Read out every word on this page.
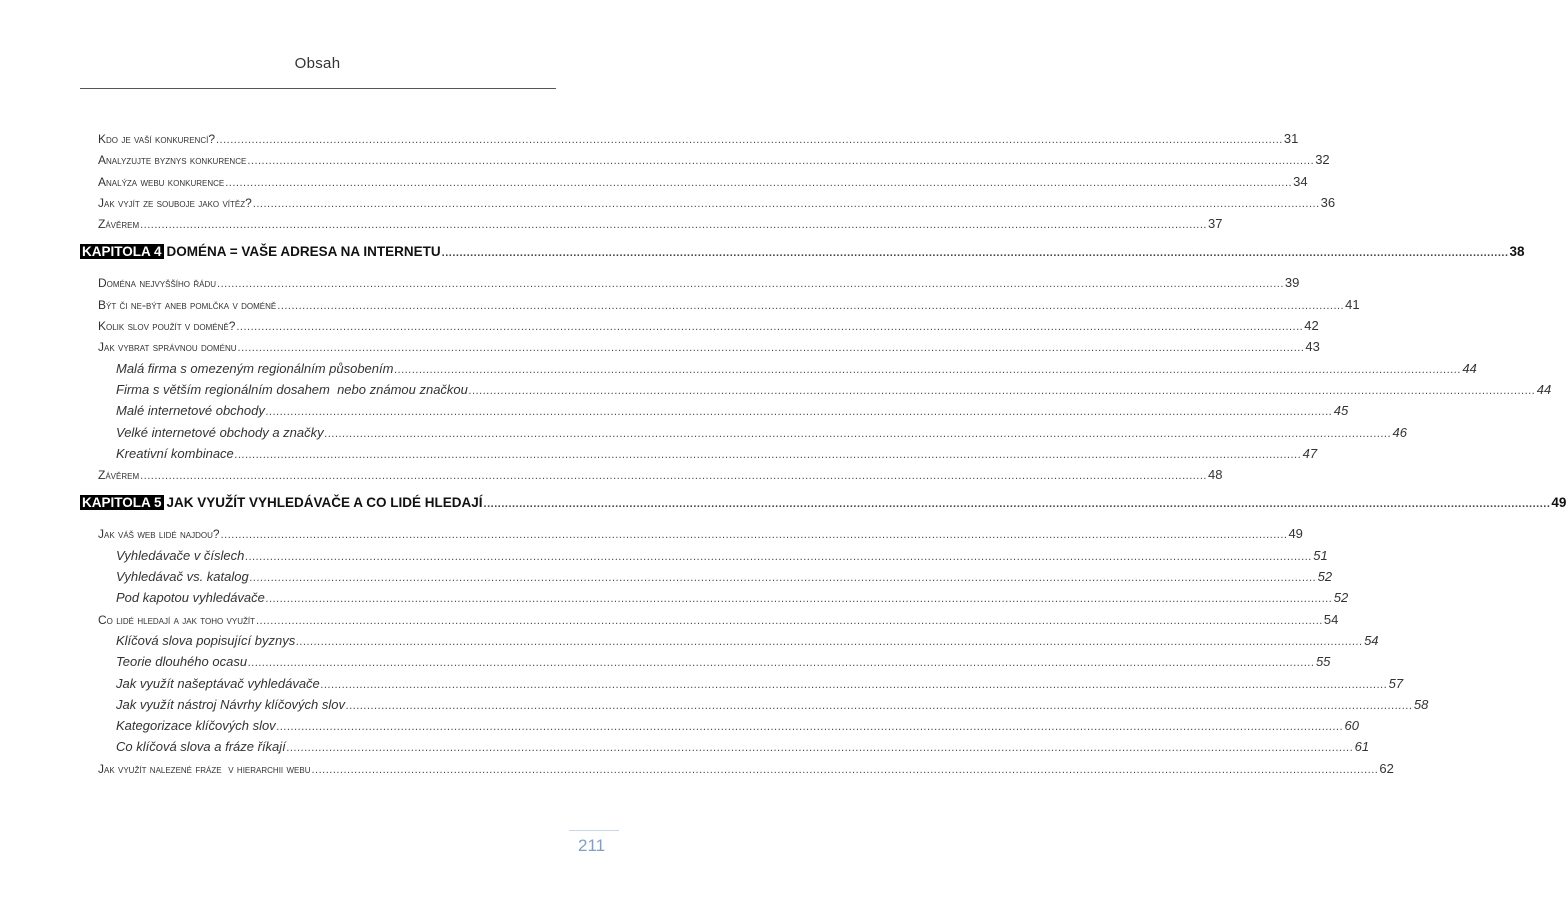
Obsah
Kdo je vaší konkurencí? ............................................................................................................................................................................................................................................................................................................ 31
Analyzujte byznys konkurence ............................................................................................................................................................................................................................................................................................................ 32
Analýza webu konkurence ............................................................................................................................................................................................................................................................................................................ 34
Jak vyjít ze souboje jako vítěz? ............................................................................................................................................................................................................................................................................................................ 36
Závěrem ............................................................................................................................................................................................................................................................................................................ 37
KAPITOLA 4 DOMÉNA = VAŠE ADRESA NA INTERNETU ............................................................................................................................................................................................................................................................................................................ 38
Doména nejvyššího řádu ............................................................................................................................................................................................................................................................................................................ 39
Být či ne-být aneb pomlčka v doméně ............................................................................................................................................................................................................................................................................................................ 41
Kolik slov použít v doméně? ............................................................................................................................................................................................................................................................................................................ 42
Jak vybrat správnou doménu ............................................................................................................................................................................................................................................................................................................ 43
Malá firma s omezeným regionálním působením ............................................................................................................................................................................................................................................................................................................ 44
Firma s větším regionálním dosahem  nebo známou značkou ............................................................................................................................................................................................................................................................................................................ 44
Malé internetové obchody ............................................................................................................................................................................................................................................................................................................ 45
Velké internetové obchody a značky ............................................................................................................................................................................................................................................................................................................ 46
Kreativní kombinace ............................................................................................................................................................................................................................................................................................................ 47
Závěrem ............................................................................................................................................................................................................................................................................................................ 48
KAPITOLA 5 JAK VYUŽÍT VYHLEDÁVAČE A CO LIDÉ HLEDAJÍ ............................................................................................................................................................................................................................................................................................................ 49
Jak váš web lidé najdou? ............................................................................................................................................................................................................................................................................................................ 49
Vyhledávače v číslech ............................................................................................................................................................................................................................................................................................................ 51
Vyhledávač vs. katalog ............................................................................................................................................................................................................................................................................................................ 52
Pod kapotou vyhledávače ............................................................................................................................................................................................................................................................................................................ 52
Co lidé hledají a jak toho využít ............................................................................................................................................................................................................................................................................................................ 54
Klíčová slova popisující byznys ............................................................................................................................................................................................................................................................................................................ 54
Teorie dlouhého ocasu ............................................................................................................................................................................................................................................................................................................ 55
Jak využít našeptávač vyhledávače ............................................................................................................................................................................................................................................................................................................ 57
Jak využít nástroj Návrhy klíčových slov ............................................................................................................................................................................................................................................................................................................ 58
Kategorizace klíčových slov ............................................................................................................................................................................................................................................................................................................ 60
Co klíčová slova a fráze říkají ............................................................................................................................................................................................................................................................................................................ 61
Jak využít nalezené fráze  v hierarchii webu ............................................................................................................................................................................................................................................................................................................ 62
211
